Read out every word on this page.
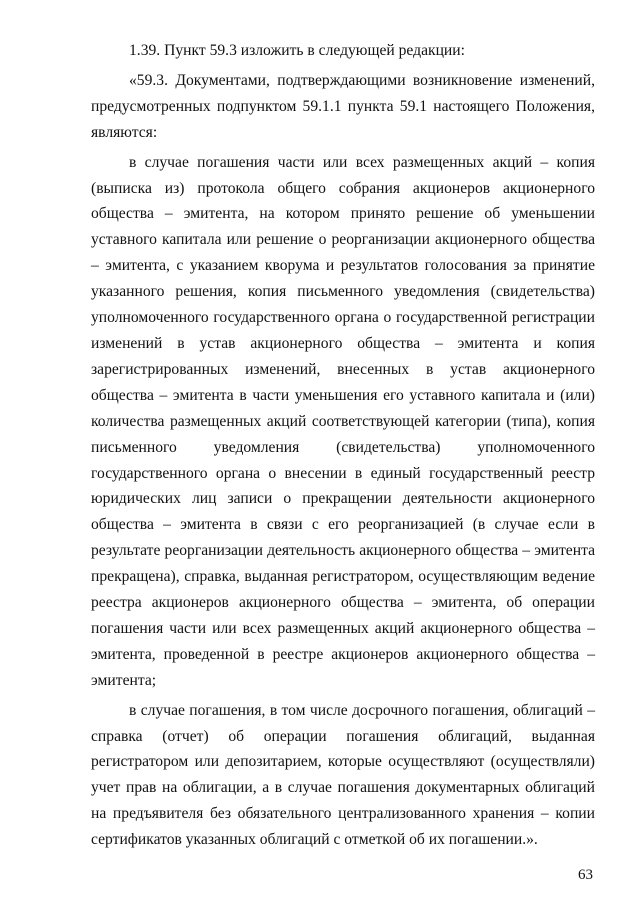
1.39. Пункт 59.3 изложить в следующей редакции:

«59.3. Документами, подтверждающими возникновение изменений, предусмотренных подпунктом 59.1.1 пункта 59.1 настоящего Положения, являются:

в случае погашения части или всех размещенных акций – копия (выписка из) протокола общего собрания акционеров акционерного общества – эмитента, на котором принято решение об уменьшении уставного капитала или решение о реорганизации акционерного общества – эмитента, с указанием кворума и результатов голосования за принятие указанного решения, копия письменного уведомления (свидетельства) уполномоченного государственного органа о государственной регистрации изменений в устав акционерного общества – эмитента и копия зарегистрированных изменений, внесенных в устав акционерного общества – эмитента в части уменьшения его уставного капитала и (или) количества размещенных акций соответствующей категории (типа), копия письменного уведомления (свидетельства) уполномоченного государственного органа о внесении в единый государственный реестр юридических лиц записи о прекращении деятельности акционерного общества – эмитента в связи с его реорганизацией (в случае если в результате реорганизации деятельность акционерного общества – эмитента прекращена), справка, выданная регистратором, осуществляющим ведение реестра акционеров акционерного общества – эмитента, об операции погашения части или всех размещенных акций акционерного общества – эмитента, проведенной в реестре акционеров акционерного общества – эмитента;

в случае погашения, в том числе досрочного погашения, облигаций – справка (отчет) об операции погашения облигаций, выданная регистратором или депозитарием, которые осуществляют (осуществляли) учет прав на облигации, а в случае погашения документарных облигаций на предъявителя без обязательного централизованного хранения – копии сертификатов указанных облигаций с отметкой об их погашении.».

63
